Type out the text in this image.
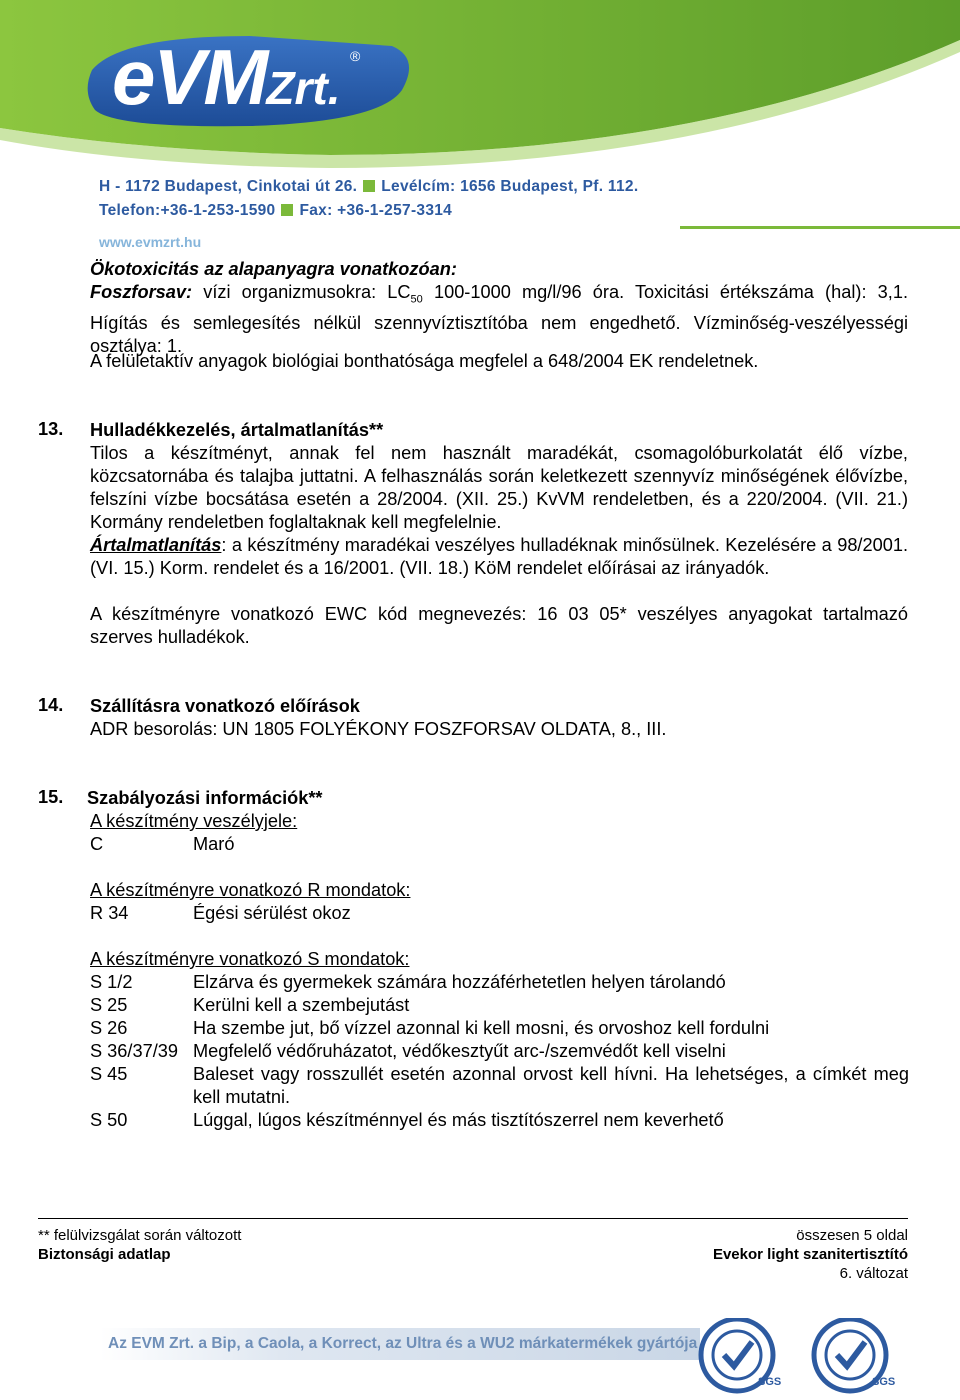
eVMZrt.
®
H - 1172 Budapest, Cinkotai út 26. Levélcím: 1656 Budapest, Pf. 112.
Telefon:+36-1-253-1590 Fax: +36-1-257-3314
www.evmzrt.hu
Ökotoxicitás az alapanyagra vonatkozóan:
Foszforsav: vízi organizmusokra: $LC_{50}$ 100-1000 mg/l/96 óra. Toxicitási értékszáma (hal): 3,1. Hígítás és semlegesítés nélkül szennyvíztisztítóba nem engedhető. Vízminőség-veszélyességi osztálya: 1.
A felületaktív anyagok biológiai bonthatósága megfelel a 648/2004 EK rendeletnek.
13. Hulladékkezelés, ártalmatlanítás**
Tilos a készítményt, annak fel nem használt maradékát, csomagolóburkolatát élő vízbe, közcsatornába és talajba juttatni. A felhasználás során keletkezett szennyvíz minőségének élővízbe, felszíni vízbe bocsátása esetén a 28/2004. (XII. 25.) KvVM rendeletben, és a 220/2004. (VII. 21.) Kormány rendeletben foglaltaknak kell megfelelnie.
Ártalmatlanítás: a készítmény maradékai veszélyes hulladéknak minősülnek. Kezelésére a 98/2001. (VI. 15.) Korm. rendelet és a 16/2001. (VII. 18.) KöM rendelet előírásai az irányadók.
A készítményre vonatkozó EWC kód megnevezés: 16 03 05* veszélyes anyagokat tartalmazó szerves hulladékok.
14. Szállításra vonatkozó előírások
ADR besorolás: UN 1805 FOLYÉKONY FOSZFORSAV OLDATA, 8., III.
15. Szabályozási információk**
A készítmény veszélyjele:
C	Maró
A készítményre vonatkozó R mondatok:
R 34	Égési sérülést okoz
A készítményre vonatkozó S mondatok:
S 1/2	Elzárva és gyermekek számára hozzáférhetetlen helyen tárolandó
S 25	Kerülni kell a szembejutást
S 26	Ha szembe jut, bő vízzel azonnal ki kell mosni, és orvoshoz kell fordulni
S 36/37/39 Megfelelő védőruházatot, védőkesztyűt arc-/szemvédőt kell viselni
S 45	Baleset vagy rosszullét esetén azonnal orvost kell hívni. Ha lehetséges, a címkét meg kell mutatni.
S 50	Lúggal, lúgos készítménnyel és más tisztítószerrel nem keverhető
** felülvizsgálat során változott
Biztonsági adatlap
összesen 5 oldal
Evekor light szanitertisztító
6. változat
Az EVM Zrt. a Bip, a Caola, a Korrect, az Ultra és a WU2 márkatermékek gyártója
SGS	SGS
